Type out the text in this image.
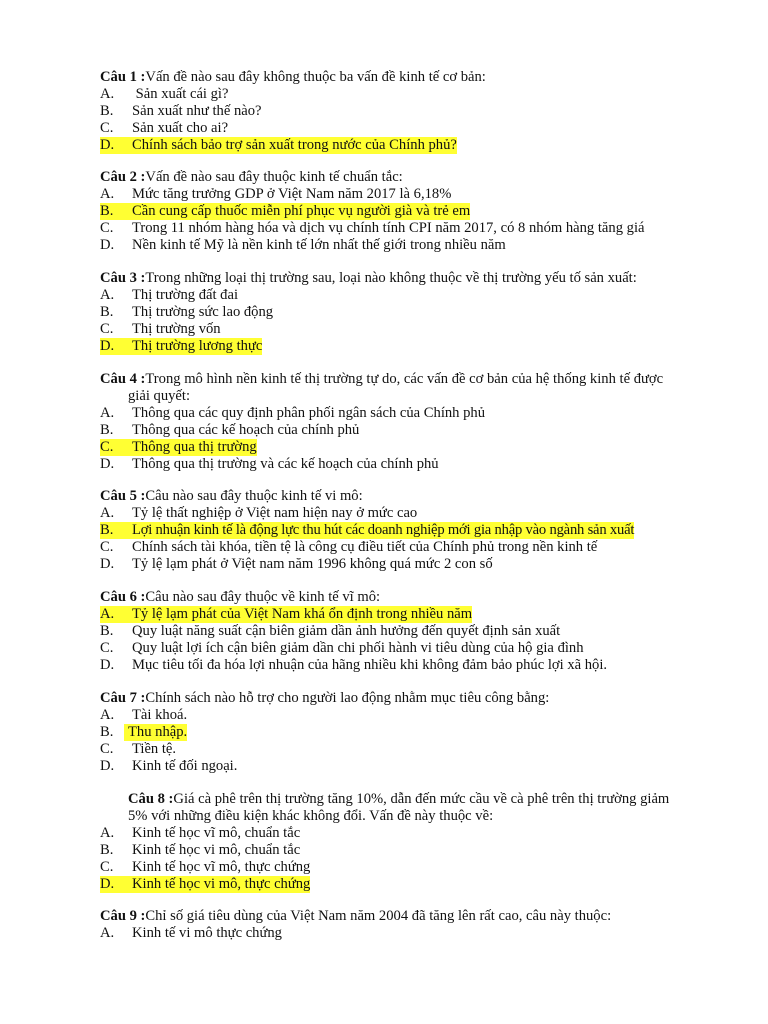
Câu 1 :Vấn đề nào sau đây không thuộc ba vấn đề kinh tế cơ bản:

A.	Sản xuất cái gì?
B.	Sản xuất như thế nào?
C.	Sản xuất cho ai?
D.	Chính sách bảo trợ sản xuất trong nước của Chính phủ?

Câu 2 :Vấn đề nào sau đây thuộc kinh tế chuẩn tắc:

A.	Mức tăng trưởng GDP ở Việt Nam năm 2017 là 6,18%
B.	Cần cung cấp thuốc miễn phí phục vụ người già và trẻ em
C.	Trong 11 nhóm hàng hóa và dịch vụ chính tính CPI năm 2017, có 8 nhóm hàng tăng giá
D.	Nền kinh tế Mỹ là nền kinh tế lớn nhất thế giới trong nhiều năm

Câu 3 :Trong những loại thị trường sau, loại nào không thuộc về thị trường yếu tố sản xuất:

A.	Thị trường đất đai
B.	Thị trường sức lao động
C.	Thị trường vốn
D.	Thị trường lương thực

Câu 4 :Trong mô hình nền kinh tế thị trường tự do, các vấn đề cơ bản của hệ thống kinh tế được

giải quyết:

A.	Thông qua các quy định phân phối ngân sách của Chính phủ
B.	Thông qua các kế hoạch của chính phủ
C.	Thông qua thị trường
D.	Thông qua thị trường và các kế hoạch của chính phủ

Câu 5 :Câu nào sau đây thuộc kinh tế vi mô:

A.	Tỷ lệ thất nghiệp ở Việt nam hiện nay ở mức cao
B.	Lợi nhuận kinh tế là động lực thu hút các doanh nghiệp mới gia nhập vào ngành sản xuất
C.	Chính sách tài khóa, tiền tệ là công cụ điều tiết của Chính phủ trong nền kinh tế
D.	Tỷ lệ lạm phát ở Việt nam năm 1996 không quá mức 2 con số

Câu 6 :Câu nào sau đây thuộc về kinh tế vĩ mô:

A.	Tỷ lệ lạm phát của Việt Nam khá ổn định trong nhiều năm
B.	Quy luật năng suất cận biên giảm dần ảnh hưởng đến quyết định sản xuất
C.	Quy luật lợi ích cận biên giảm dần chi phối hành vi tiêu dùng của hộ gia đình
D.	Mục tiêu tối đa hóa lợi nhuận của hãng nhiều khi không đảm bảo phúc lợi xã hội.

Câu 7 :Chính sách nào hỗ trợ cho người lao động nhằm mục tiêu công bằng:

A.	Tài khoá.
B.	Thu nhập.
C.	Tiền tệ.
D.	Kinh tế đối ngoại.

Câu 8 :Giá cà phê trên thị trường tăng 10%, dẫn đến mức cầu về cà phê trên thị trường giảm

5% với những điều kiện khác không đổi. Vấn đề này thuộc về:

A.	Kinh tế học vĩ mô, chuẩn tắc
B.	Kinh tế học vi mô, chuẩn tắc
C.	Kinh tế học vĩ mô, thực chứng
D.	Kinh tế học vi mô, thực chứng

Câu 9 :Chỉ số giá tiêu dùng của Việt Nam năm 2004 đã tăng lên rất cao, câu này thuộc:

A.	Kinh tế vi mô thực chứng
